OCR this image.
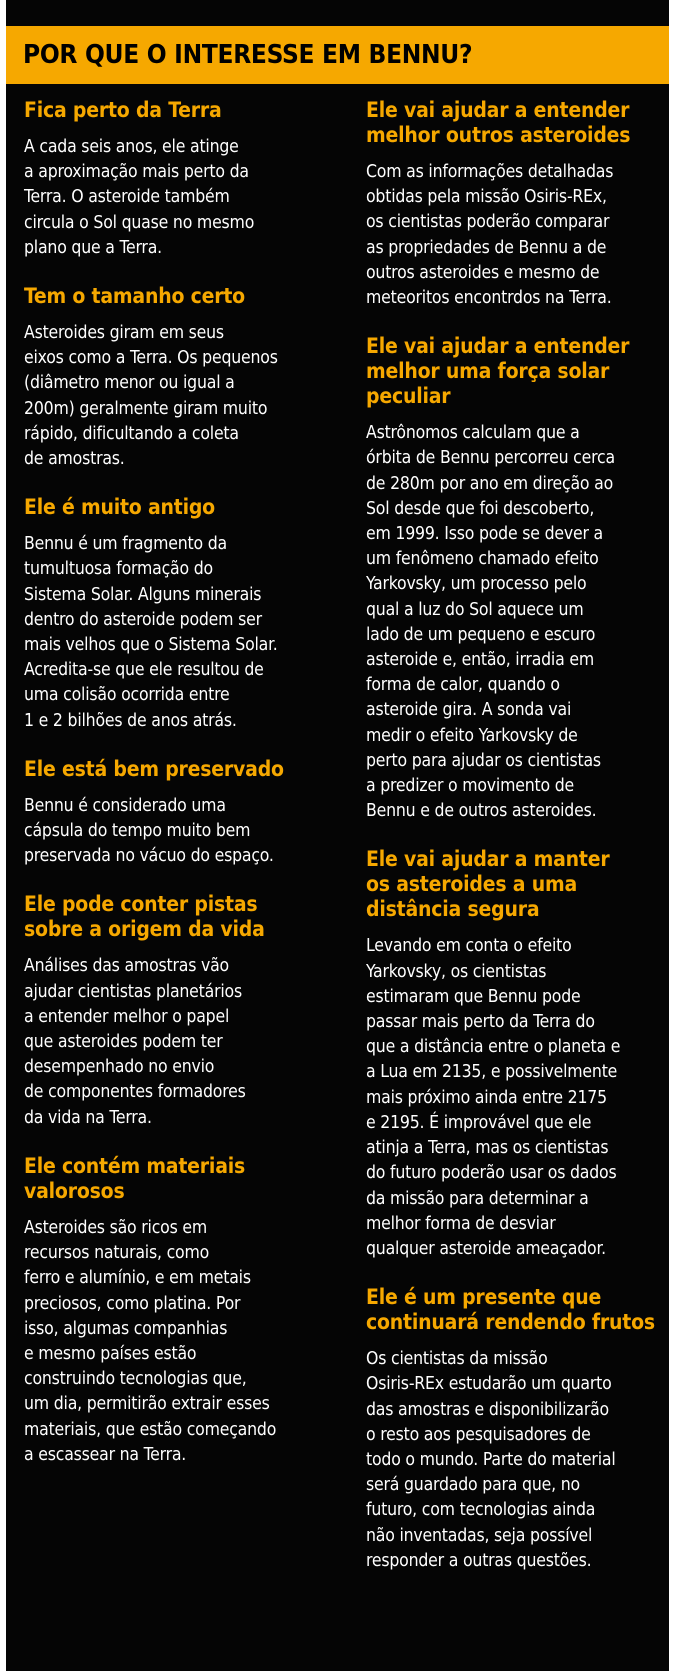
POR QUE O INTERESSE EM BENNU?
Fica perto da Terra

A cada seis anos, ele atinge
a aproximação mais perto da
Terra. O asteroide também
circula o Sol quase no mesmo
plano que a Terra.

Tem o tamanho certo

Asteroides giram em seus
eixos como a Terra. Os pequenos
(diâmetro menor ou igual a
200m) geralmente giram muito
rápido, dificultando a coleta
de amostras.

Ele é muito antigo

Bennu é um fragmento da
tumultuosa formação do
Sistema Solar. Alguns minerais
dentro do asteroide podem ser
mais velhos que o Sistema Solar.
Acredita-se que ele resultou de
uma colisão ocorrida entre
1 e 2 bilhões de anos atrás.

Ele está bem preservado

Bennu é considerado uma
cápsula do tempo muito bem
preservada no vácuo do espaço.

Ele pode conter pistas
sobre a origem da vida

Análises das amostras vão
ajudar cientistas planetários
a entender melhor o papel
que asteroides podem ter
desempenhado no envio
de componentes formadores
da vida na Terra.

Ele contém materiais
valorosos

Asteroides são ricos em
recursos naturais, como
ferro e alumínio, e em metais
preciosos, como platina. Por
isso, algumas companhias
e mesmo países estão
construindo tecnologias que,
um dia, permitirão extrair esses
materiais, que estão começando
a escassear na Terra.

Ele vai ajudar a entender
melhor outros asteroides

Com as informações detalhadas
obtidas pela missão Osiris-REx,
os cientistas poderão comparar
as propriedades de Bennu a de
outros asteroides e mesmo de
meteoritos encontrdos na Terra.

Ele vai ajudar a entender
melhor uma força solar
peculiar

Astrônomos calculam que a
órbita de Bennu percorreu cerca
de 280m por ano em direção ao
Sol desde que foi descoberto,
em 1999. Isso pode se dever a
um fenômeno chamado efeito
Yarkovsky, um processo pelo
qual a luz do Sol aquece um
lado de um pequeno e escuro
asteroide e, então, irradia em
forma de calor, quando o
asteroide gira. A sonda vai
medir o efeito Yarkovsky de
perto para ajudar os cientistas
a predizer o movimento de
Bennu e de outros asteroides.

Ele vai ajudar a manter
os asteroides a uma
distância segura

Levando em conta o efeito
Yarkovsky, os cientistas
estimaram que Bennu pode
passar mais perto da Terra do
que a distância entre o planeta e
a Lua em 2135, e possivelmente
mais próximo ainda entre 2175
e 2195. É improvável que ele
atinja a Terra, mas os cientistas
do futuro poderão usar os dados
da missão para determinar a
melhor forma de desviar
qualquer asteroide ameaçador.

Ele é um presente que
continuará rendendo frutos

Os cientistas da missão
Osiris-REx estudarão um quarto
das amostras e disponibilizarão
o resto aos pesquisadores de
todo o mundo. Parte do material
será guardado para que, no
futuro, com tecnologias ainda
não inventadas, seja possível
responder a outras questões.
